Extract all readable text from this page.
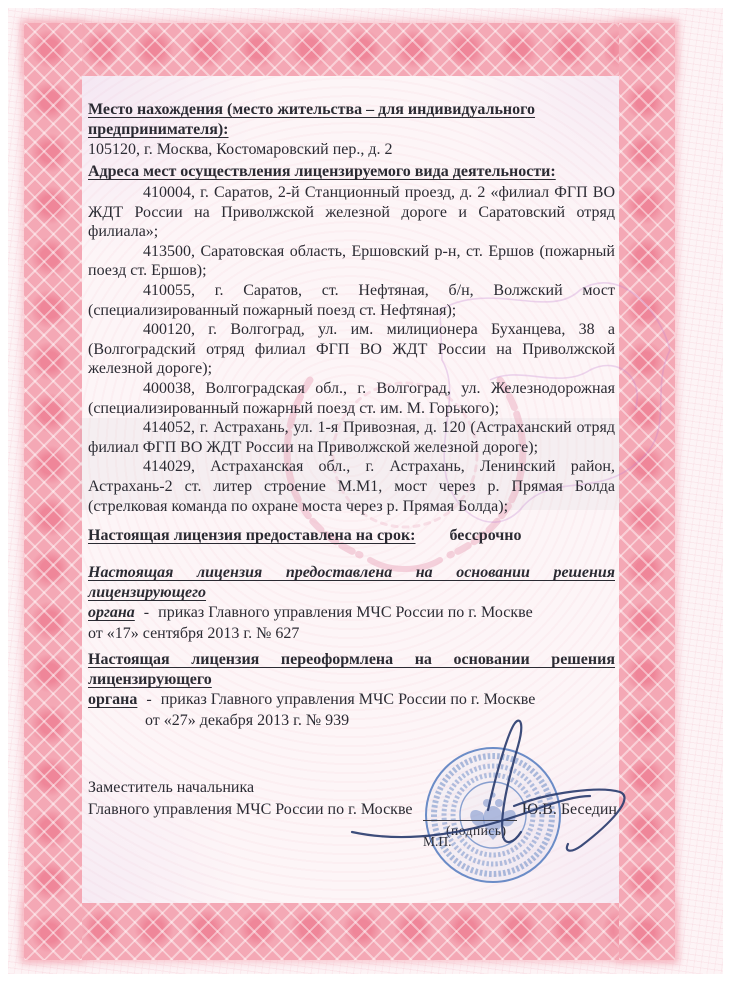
Место нахождения (место жительства – для индивидуального предпринимателя):
105120, г. Москва, Костомаровский пер., д. 2
Адреса мест осуществления лицензируемого вида деятельности:

410004, г. Саратов, 2-й Станционный проезд, д. 2 «филиал ФГП ВО ЖДТ России на Приволжской железной дороге и Саратовский отряд филиала»;

413500, Саратовская область, Ершовский р-н, ст. Ершов (пожарный поезд ст. Ершов);

410055, г. Саратов, ст. Нефтяная, б/н, Волжский мост (специализированный пожарный поезд ст. Нефтяная);

400120, г. Волгоград, ул. им. милиционера Буханцева, 38 а (Волгоградский отряд филиал ФГП ВО ЖДТ России на Приволжской железной дороге);

400038, Волгоградская обл., г. Волгоград, ул. Железнодорожная (специализированный пожарный поезд ст. им. М. Горького);

414052, г. Астрахань, ул. 1-я Привозная, д. 120 (Астраханский отряд филиал ФГП ВО ЖДТ России на Приволжской железной дороге);

414029, Астраханская обл., г. Астрахань, Ленинский район, Астрахань-2 ст. литер строение М.М1, мост через р. Прямая Болда (стрелковая команда по охране моста через р. Прямая Болда);

Настоящая лицензия предоставлена на срок: бессрочно
Настоящая лицензия предоставлена на основании решения лицензирующего
органа - приказ Главного управления МЧС России по г. Москве
от «17» сентября 2013 г. № 627
Настоящая лицензия переоформлена на основании решения лицензирующего
органа - приказ Главного управления МЧС России по г. Москве
от «27» декабря 2013 г. № 939
Заместитель начальника
Главного управления МЧС России по г. Москве
(подпись)
Ю.В. Беседин
М.П.
